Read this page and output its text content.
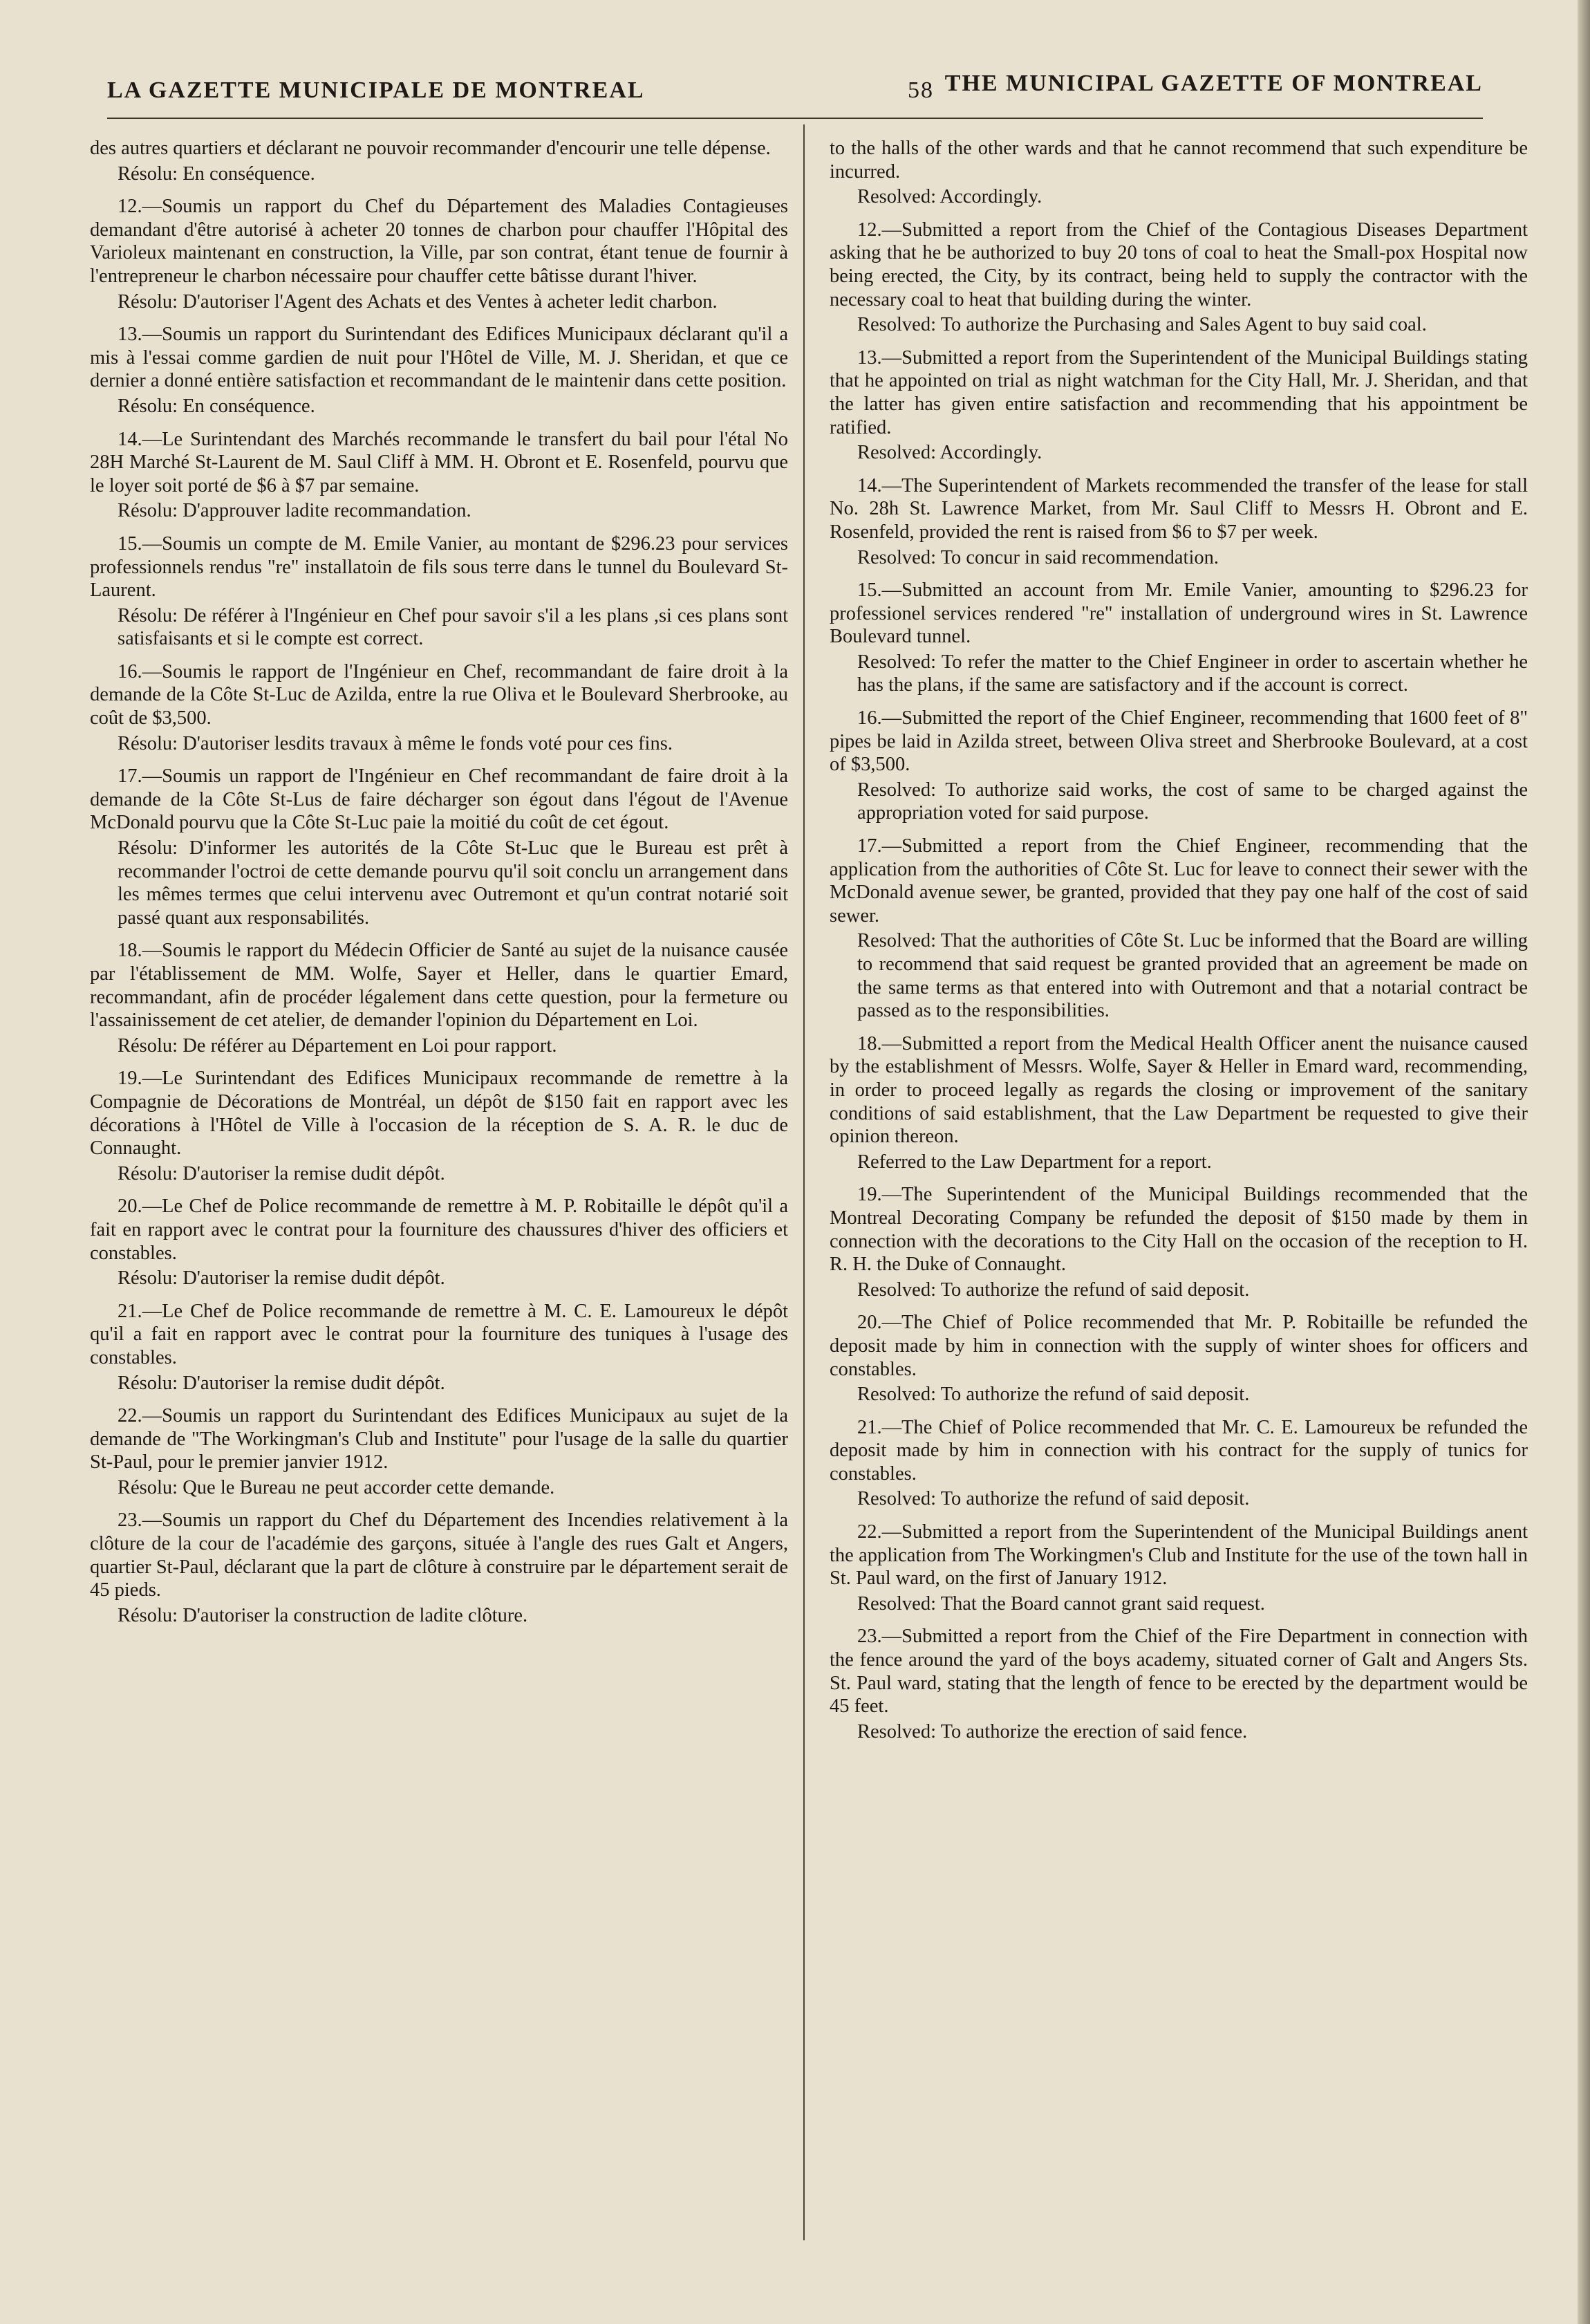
LA GAZETTE MUNICIPALE DE MONTREAL	58 THE MUNICIPAL GAZETTE OF MONTREAL

des autres quartiers et déclarant ne pouvoir recommander d'encourir une telle dépense.

Résolu: En conséquence.

12.—Soumis un rapport du Chef du Département des Maladies Contagieuses demandant d'être autorisé à acheter 20 tonnes de charbon pour chauffer l'Hôpital des Varioleux maintenant en construction, la Ville, par son contrat, étant tenue de fournir à l'entrepreneur le charbon nécessaire pour chauffer cette bâtisse durant l'hiver.

Résolu: D'autoriser l'Agent des Achats et des Ventes à acheter ledit charbon.

13.—Soumis un rapport du Surintendant des Edifices Municipaux déclarant qu'il a mis à l'essai comme gardien de nuit pour l'Hôtel de Ville, M. J. Sheridan, et que ce dernier a donné entière satisfaction et recommandant de le maintenir dans cette position.

Résolu: En conséquence.

14.—Le Surintendant des Marchés recommande le transfert du bail pour l'étal No 28H Marché St-Laurent de M. Saul Cliff à MM. H. Obront et E. Rosenfeld, pourvu que le loyer soit porté de $6 à $7 par semaine.

Résolu: D'approuver ladite recommandation.

15.—Soumis un compte de M. Emile Vanier, au montant de $296.23 pour services professionnels rendus "re" installatoin de fils sous terre dans le tunnel du Boulevard St-Laurent.

Résolu: De référer à l'Ingénieur en Chef pour savoir s'il a les plans ,si ces plans sont satisfaisants et si le compte est correct.

16.—Soumis le rapport de l'Ingénieur en Chef, recommandant de faire droit à la demande de la Côte St-Luc de Azilda, entre la rue Oliva et le Boulevard Sherbrooke, au coût de $3,500.

Résolu: D'autoriser lesdits travaux à même le fonds voté pour ces fins.

17.—Soumis un rapport de l'Ingénieur en Chef recommandant de faire droit à la demande de la Côte St-Lus de faire décharger son égout dans l'égout de l'Avenue McDonald pourvu que la Côte St-Luc paie la moitié du coût de cet égout.

Résolu: D'informer les autorités de la Côte St-Luc que le Bureau est prêt à recommander l'octroi de cette demande pourvu qu'il soit conclu un arrangement dans les mêmes termes que celui intervenu avec Outremont et qu'un contrat notarié soit passé quant aux responsabilités.

18.—Soumis le rapport du Médecin Officier de Santé au sujet de la nuisance causée par l'établissement de MM. Wolfe, Sayer et Heller, dans le quartier Emard, recommandant, afin de procéder légalement dans cette question, pour la fermeture ou l'assainissement de cet atelier, de demander l'opinion du Département en Loi.

Résolu: De référer au Département en Loi pour rapport.

19.—Le Surintendant des Edifices Municipaux recommande de remettre à la Compagnie de Décorations de Montréal, un dépôt de $150 fait en rapport avec les décorations à l'Hôtel de Ville à l'occasion de la réception de S. A. R. le duc de Connaught.

Résolu: D'autoriser la remise dudit dépôt.

20.—Le Chef de Police recommande de remettre à M. P. Robitaille le dépôt qu'il a fait en rapport avec le contrat pour la fourniture des chaussures d'hiver des officiers et constables.

Résolu: D'autoriser la remise dudit dépôt.

21.—Le Chef de Police recommande de remettre à M. C. E. Lamoureux le dépôt qu'il a fait en rapport avec le contrat pour la fourniture des tuniques à l'usage des constables.

Résolu: D'autoriser la remise dudit dépôt.

22.—Soumis un rapport du Surintendant des Edifices Municipaux au sujet de la demande de "The Workingman's Club and Institute" pour l'usage de la salle du quartier St-Paul, pour le premier janvier 1912.

Résolu: Que le Bureau ne peut accorder cette demande.

23.—Soumis un rapport du Chef du Département des Incendies relativement à la clôture de la cour de l'académie des garçons, située à l'angle des rues Galt et Angers, quartier St-Paul, déclarant que la part de clôture à construire par le département serait de 45 pieds.

Résolu: D'autoriser la construction de ladite clôture.

to the halls of the other wards and that he cannot recommend that such expenditure be incurred.

Resolved: Accordingly.

12.—Submitted a report from the Chief of the Contagious Diseases Department asking that he be authorized to buy 20 tons of coal to heat the Small-pox Hospital now being erected, the City, by its contract, being held to supply the contractor with the necessary coal to heat that building during the winter.

Resolved: To authorize the Purchasing and Sales Agent to buy said coal.

13.—Submitted a report from the Superintendent of the Municipal Buildings stating that he appointed on trial as night watchman for the City Hall, Mr. J. Sheridan, and that the latter has given entire satisfaction and recommending that his appointment be ratified.

Resolved: Accordingly.

14.—The Superintendent of Markets recommended the transfer of the lease for stall No. 28h St. Lawrence Market, from Mr. Saul Cliff to Messrs H. Obront and E. Rosenfeld, provided the rent is raised from $6 to $7 per week.

Resolved: To concur in said recommendation.

15.—Submitted an account from Mr. Emile Vanier, amounting to $296.23 for professionel services rendered "re" installation of underground wires in St. Lawrence Boulevard tunnel.

Resolved: To refer the matter to the Chief Engineer in order to ascertain whether he has the plans, if the same are satisfactory and if the account is correct.

16.—Submitted the report of the Chief Engineer, recommending that 1600 feet of 8" pipes be laid in Azilda street, between Oliva street and Sherbrooke Boulevard, at a cost of $3,500.

Resolved: To authorize said works, the cost of same to be charged against the appropriation voted for said purpose.

17.—Submitted a report from the Chief Engineer, recommending that the application from the authorities of Côte St. Luc for leave to connect their sewer with the McDonald avenue sewer, be granted, provided that they pay one half of the cost of said sewer.

Resolved: That the authorities of Côte St. Luc be informed that the Board are willing to recommend that said request be granted provided that an agreement be made on the same terms as that entered into with Outremont and that a notarial contract be passed as to the responsibilities.

18.—Submitted a report from the Medical Health Officer anent the nuisance caused by the establishment of Messrs. Wolfe, Sayer & Heller in Emard ward, recommending, in order to proceed legally as regards the closing or improvement of the sanitary conditions of said establishment, that the Law Department be requested to give their opinion thereon.

Referred to the Law Department for a report.

19.—The Superintendent of the Municipal Buildings recommended that the Montreal Decorating Company be refunded the deposit of $150 made by them in connection with the decorations to the City Hall on the occasion of the reception to H. R. H. the Duke of Connaught.

Resolved: To authorize the refund of said deposit.

20.—The Chief of Police recommended that Mr. P. Robitaille be refunded the deposit made by him in connection with the supply of winter shoes for officers and constables.

Resolved: To authorize the refund of said deposit.

21.—The Chief of Police recommended that Mr. C. E. Lamoureux be refunded the deposit made by him in connection with his contract for the supply of tunics for constables.

Resolved: To authorize the refund of said deposit.

22.—Submitted a report from the Superintendent of the Municipal Buildings anent the application from The Workingmen's Club and Institute for the use of the town hall in St. Paul ward, on the first of January 1912.

Resolved: That the Board cannot grant said request.

23.—Submitted a report from the Chief of the Fire Department in connection with the fence around the yard of the boys academy, situated corner of Galt and Angers Sts. St. Paul ward, stating that the length of fence to be erected by the department would be 45 feet.

Resolved: To authorize the erection of said fence.
